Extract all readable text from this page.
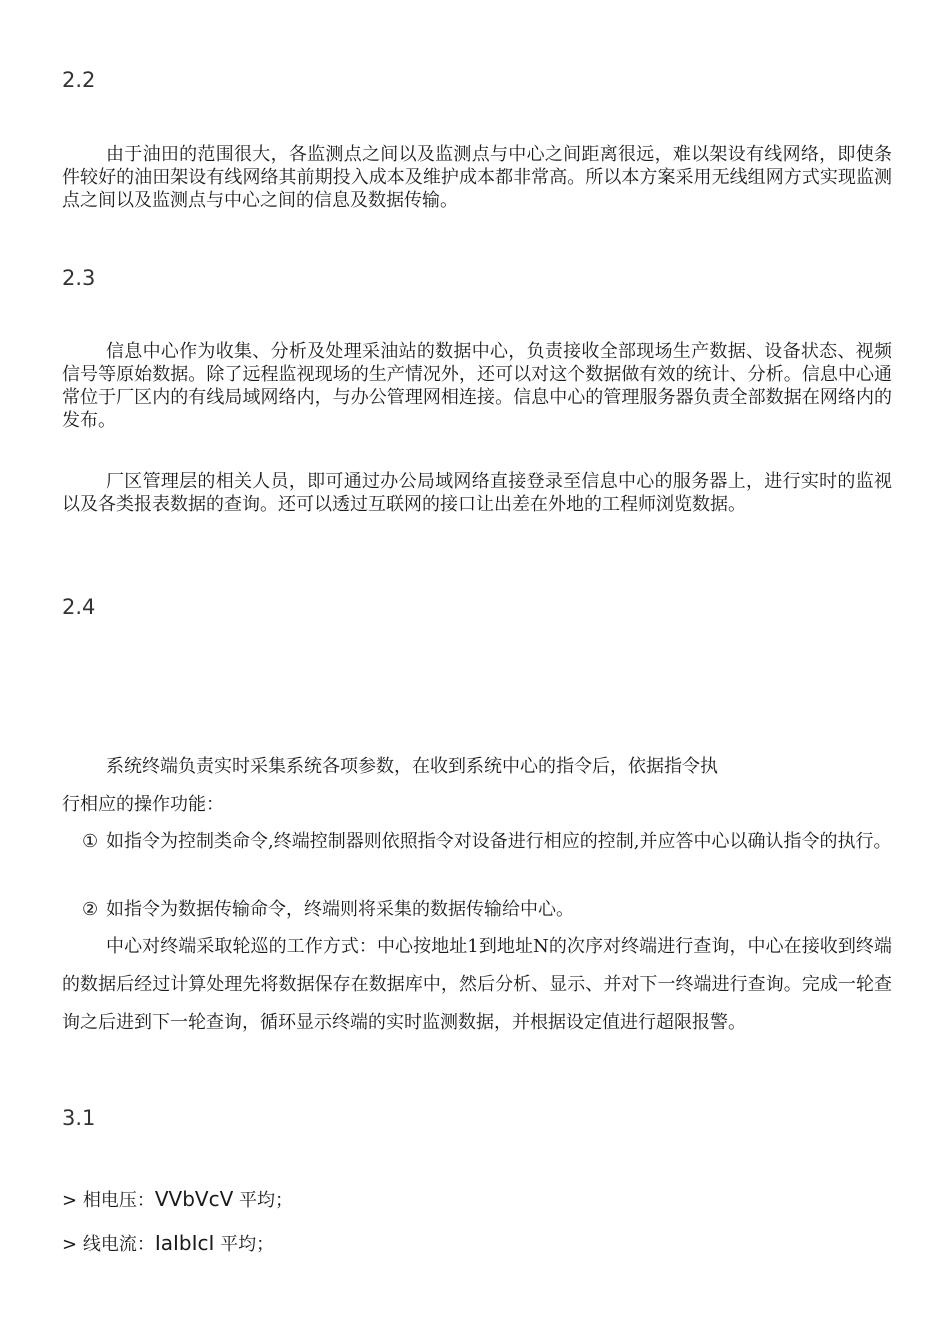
2.2
由于油田的范围很大，各监测点之间以及监测点与中心之间距离很远，难以架设有线网络，即使条件较好的油田架设有线网络其前期投入成本及维护成本都非常高。所以本方案采用无线组网方式实现监测点之间以及监测点与中心之间的信息及数据传输。
2.3
信息中心作为收集、分析及处理采油站的数据中心，负责接收全部现场生产数据、设备状态、视频信号等原始数据。除了远程监视现场的生产情况外，还可以对这个数据做有效的统计、分析。信息中心通常位于厂区内的有线局域网络内，与办公管理网相连接。信息中心的管理服务器负责全部数据在网络内的发布。
厂区管理层的相关人员，即可通过办公局域网络直接登录至信息中心的服务器上，进行实时的监视以及各类报表数据的查询。还可以透过互联网的接口让出差在外地的工程师浏览数据。
2.4
系统终端负责实时采集系统各项参数，在收到系统中心的指令后，依据指令执
行相应的操作功能：
① 如指令为控制类命令,终端控制器则依照指令对设备进行相应的控制,并应答中心以确认指令的执行。
② 如指令为数据传输命令，终端则将采集的数据传输给中心。
中心对终端采取轮巡的工作方式：中心按地址1到地址N的次序对终端进行查询，中心在接收到终端的数据后经过计算处理先将数据保存在数据库中，然后分析、显示、并对下一终端进行查询。完成一轮查询之后进到下一轮查询，循环显示终端的实时监测数据，并根据设定值进行超限报警。
3.1
> 相电压：VVbVcV 平均；
> 线电流：IaIbIcI 平均；
